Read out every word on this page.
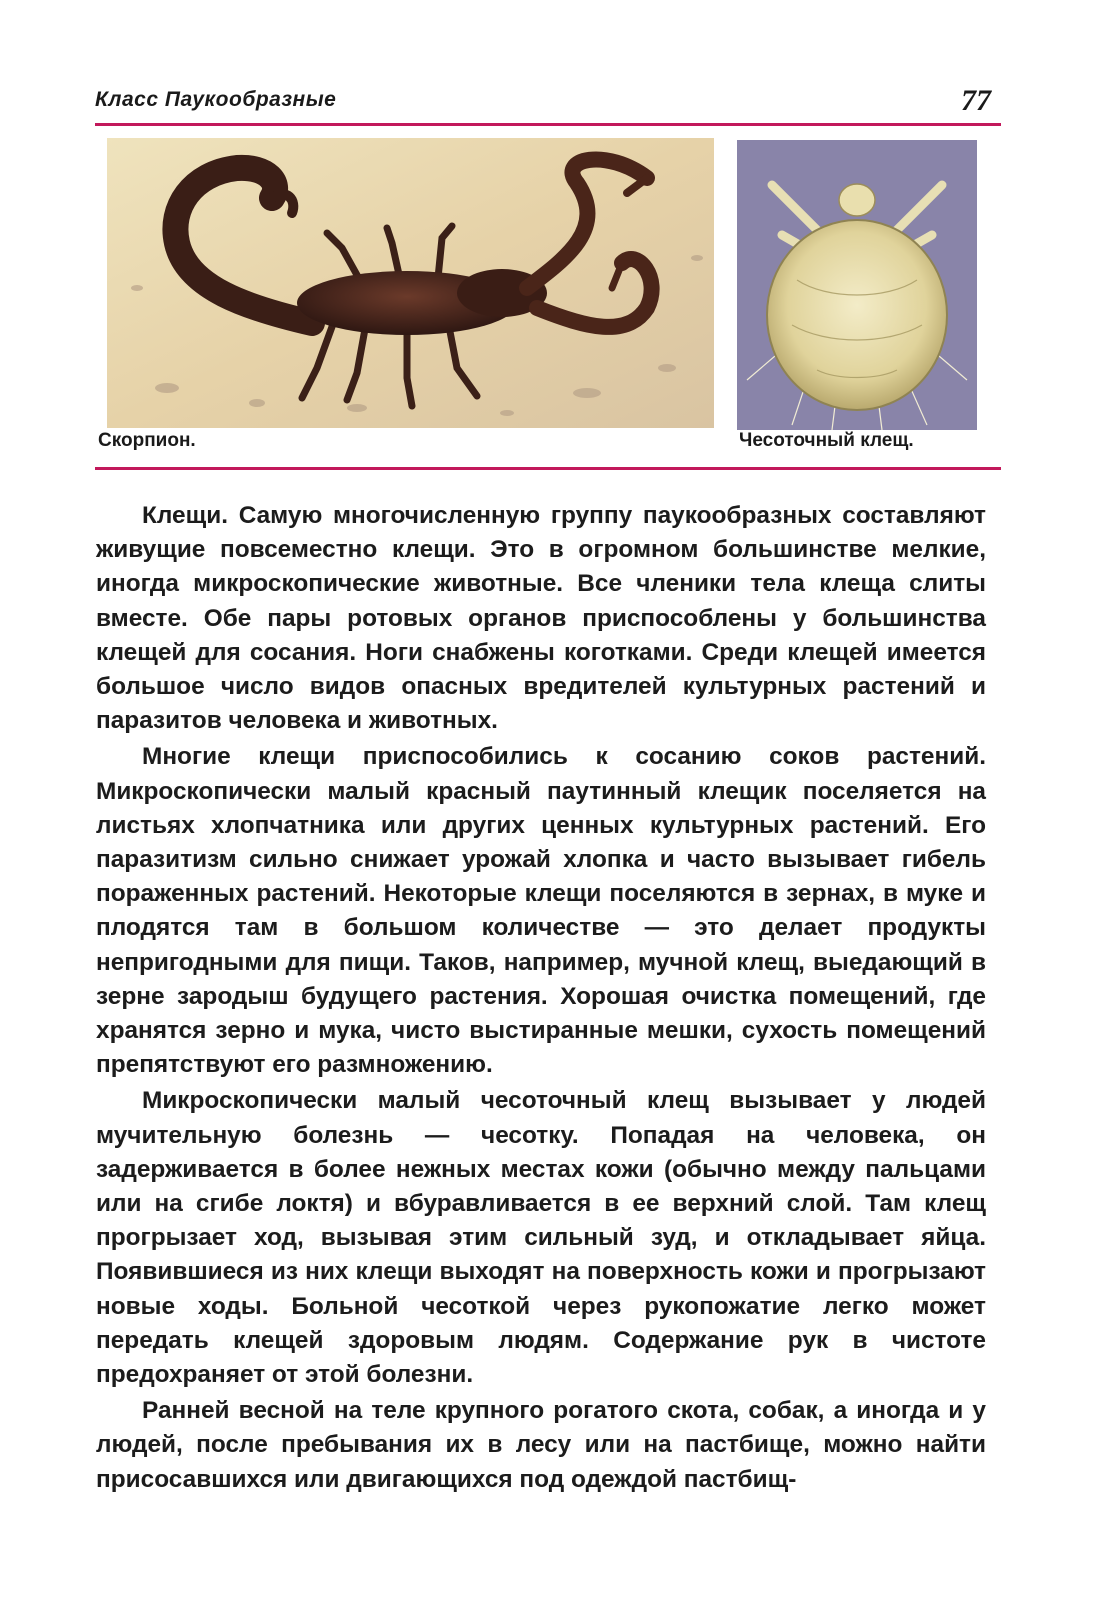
Класс Паукообразные	77
Скорпион.	Чесоточный клещ.

Клещи. Самую многочисленную группу паукообразных составляют живущие повсеместно клещи. Это в огромном большинстве мелкие, иногда микроскопические животные. Все членики тела клеща слиты вместе. Обе пары ротовых органов приспособлены у большинства клещей для сосания. Ноги снабжены коготками. Среди клещей имеется большое число видов опасных вредителей культурных растений и паразитов человека и животных.

Многие клещи приспособились к сосанию соков растений. Микроскопически малый красный паутинный клещик поселяется на листьях хлопчатника или других ценных культурных растений. Его паразитизм сильно снижает урожай хлопка и часто вызывает гибель пораженных растений. Некоторые клещи поселяются в зернах, в муке и плодятся там в большом количестве — это делает продукты непригодными для пищи. Таков, например, мучной клещ, выедающий в зерне зародыш будущего растения. Хорошая очистка помещений, где хранятся зерно и мука, чисто выстиранные мешки, сухость помещений препятствуют его размножению.

Микроскопически малый чесоточный клещ вызывает у людей мучительную болезнь — чесотку. Попадая на человека, он задерживается в более нежных местах кожи (обычно между пальцами или на сгибе локтя) и вбуравливается в ее верхний слой. Там клещ прогрызает ход, вызывая этим сильный зуд, и откладывает яйца. Появившиеся из них клещи выходят на поверхность кожи и прогрызают новые ходы. Больной чесоткой через рукопожатие легко может передать клещей здоровым людям. Содержание рук в чистоте предохраняет от этой болезни.

Ранней весной на теле крупного рогатого скота, собак, а иногда и у людей, после пребывания их в лесу или на пастбище, можно найти присосавшихся или двигающихся под одеждой пастбищ-
